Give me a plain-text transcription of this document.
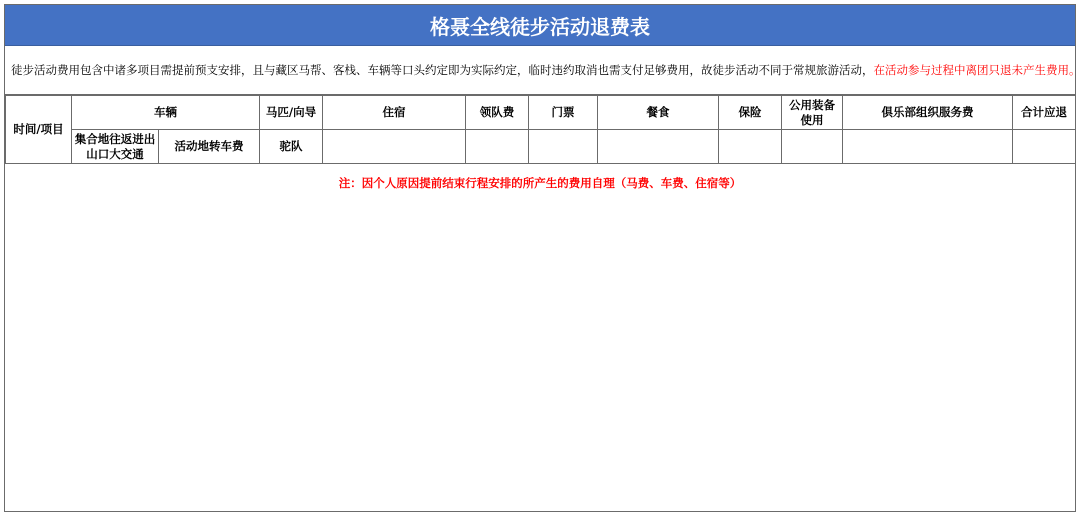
格聂全线徒步活动退费表
徒步活动费用包含中诸多项目需提前预支安排，且与藏区马帮、客栈、车辆等口头约定即为实际约定，临时违约取消也需支付足够费用，故徒步活动不同于常规旅游活动， 在活动参与过程中离团只退未产生费用。
时间/项目	车辆		马匹/向导	住宿	领队费	门票	餐食	保险	公用装备使用	俱乐部组织服务费	合计应退
	集合地往返进出山口大交通	活动地转车费	驼队								
注：因个人原因提前结束行程安排的所产生的费用自理（马费、车费、住宿等）
